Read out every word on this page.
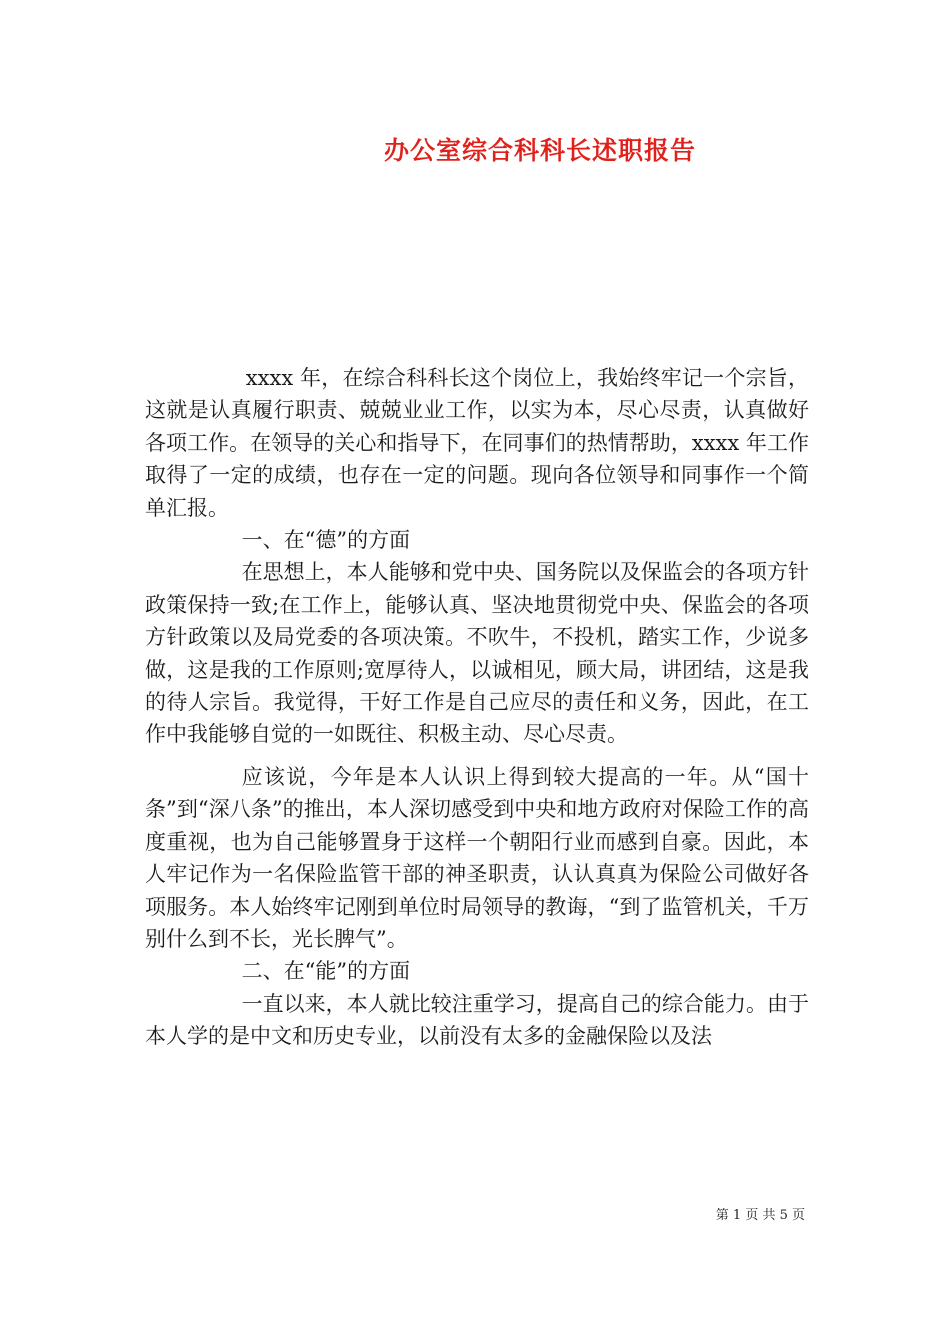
办公室综合科科长述职报告

xxxx 年，在综合科科长这个岗位上，我始终牢记一个宗旨，这就是认真履行职责、兢兢业业工作，以实为本，尽心尽责，认真做好各项工作。在领导的关心和指导下，在同事们的热情帮助，xxxx 年工作取得了一定的成绩，也存在一定的问题。现向各位领导和同事作一个简单汇报。

一、在“德”的方面

在思想上，本人能够和党中央、国务院以及保监会的各项方针政策保持一致;在工作上，能够认真、坚决地贯彻党中央、保监会的各项方针政策以及局党委的各项决策。不吹牛，不投机，踏实工作，少说多做，这是我的工作原则;宽厚待人，以诚相见，顾大局，讲团结，这是我的待人宗旨。我觉得，干好工作是自己应尽的责任和义务，因此，在工作中我能够自觉的一如既往、积极主动、尽心尽责。

应该说，今年是本人认识上得到较大提高的一年。从“国十条”到“深八条”的推出，本人深切感受到中央和地方政府对保险工作的高度重视，也为自己能够置身于这样一个朝阳行业而感到自豪。因此，本人牢记作为一名保险监管干部的神圣职责，认认真真为保险公司做好各项服务。本人始终牢记刚到单位时局领导的教诲，“到了监管机关，千万别什么到不长，光长脾气”。

二、在“能”的方面

一直以来，本人就比较注重学习，提高自己的综合能力。由于本人学的是中文和历史专业，以前没有太多的金融保险以及法

第 1 页 共 5 页
